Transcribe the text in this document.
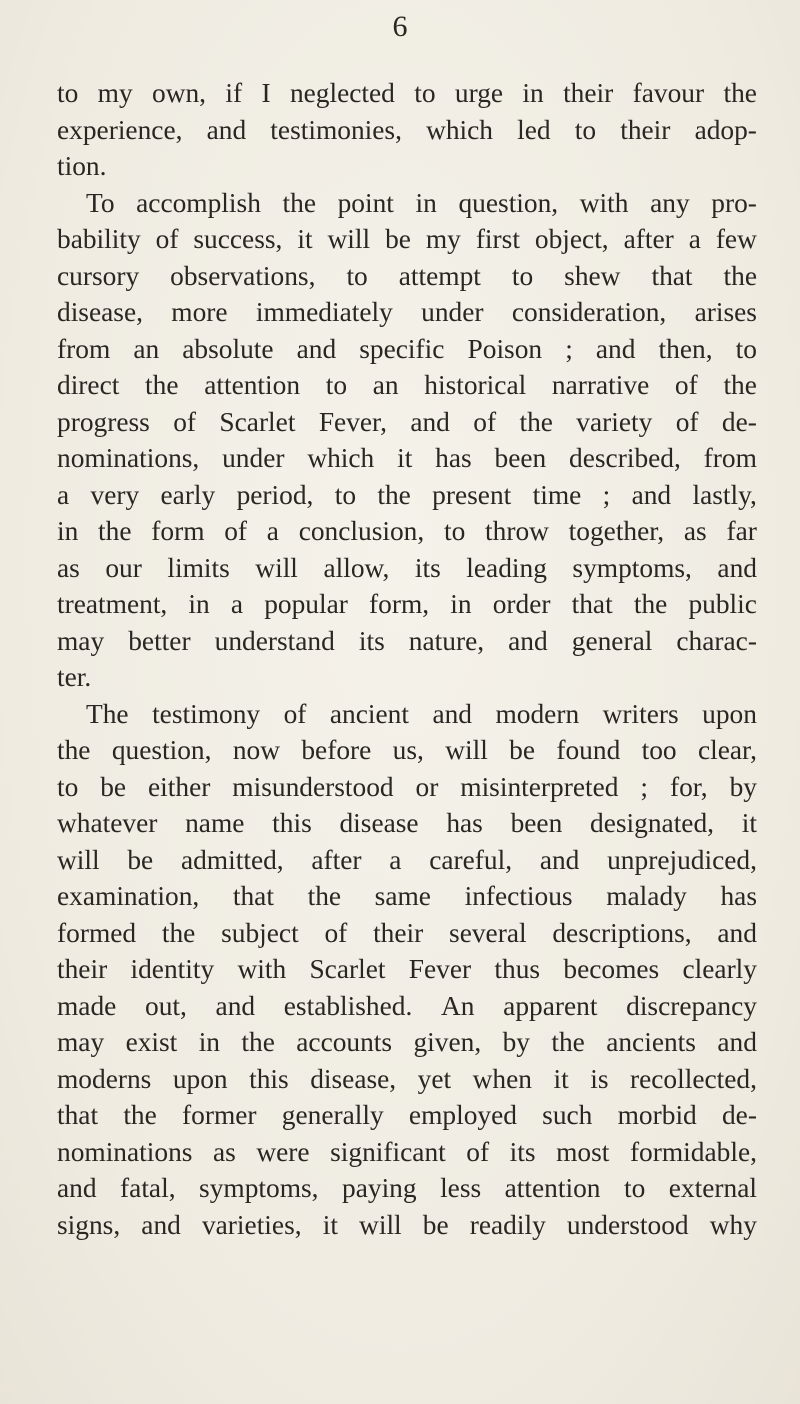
6
to my own, if I neglected to urge in their favour the
experience, and testimonies, which led to their adop-
tion.
To accomplish the point in question, with any pro-
bability of success, it will be my first object, after a few
cursory observations, to attempt to shew that the
disease, more immediately under consideration, arises
from an absolute and specific Poison ; and then, to
direct the attention to an historical narrative of the
progress of Scarlet Fever, and of the variety of de-
nominations, under which it has been described, from
a very early period, to the present time ; and lastly,
in the form of a conclusion, to throw together, as far
as our limits will allow, its leading symptoms, and
treatment, in a popular form, in order that the public
may better understand its nature, and general charac-
ter.
The testimony of ancient and modern writers upon
the question, now before us, will be found too clear,
to be either misunderstood or misinterpreted ; for, by
whatever name this disease has been designated, it
will be admitted, after a careful, and unprejudiced,
examination, that the same infectious malady has
formed the subject of their several descriptions, and
their identity with Scarlet Fever thus becomes clearly
made out, and established. An apparent discrepancy
may exist in the accounts given, by the ancients and
moderns upon this disease, yet when it is recollected,
that the former generally employed such morbid de-
nominations as were significant of its most formidable,
and fatal, symptoms, paying less attention to external
signs, and varieties, it will be readily understood why
